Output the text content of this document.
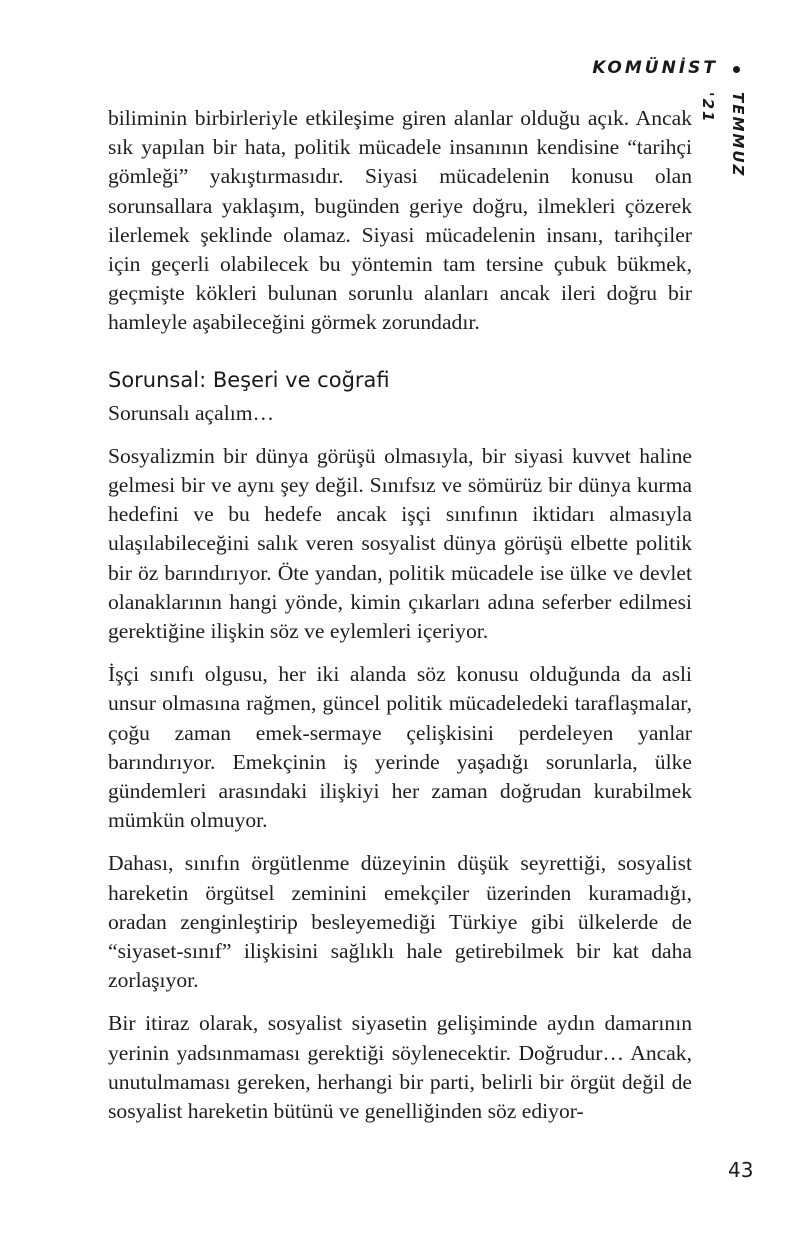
KOMÜNİST
TEMMUZ '21

biliminin birbirleriyle etkileşime giren alanlar olduğu açık. Ancak sık yapılan bir hata, politik mücadele insanının kendisine “tarihçi gömleği” yakıştırmasıdır. Siyasi mücadelenin konusu olan sorunsallara yaklaşım, bugünden geriye doğru, ilmekleri çözerek ilerlemek şeklinde olamaz. Siyasi mücadelenin insanı, tarihçiler için geçerli olabilecek bu yöntemin tam tersine çubuk bükmek, geçmişte kökleri bulunan sorunlu alanları ancak ileri doğru bir hamleyle aşabileceğini görmek zorundadır.

Sorunsal: Beşeri ve coğrafi

Sorunsalı açalım…

Sosyalizmin bir dünya görüşü olmasıyla, bir siyasi kuvvet haline gelmesi bir ve aynı şey değil. Sınıfsız ve sömürüz bir dünya kurma hedefini ve bu hedefe ancak işçi sınıfının iktidarı almasıyla ulaşılabileceğini salık veren sosyalist dünya görüşü elbette politik bir öz barındırıyor. Öte yandan, politik mücadele ise ülke ve devlet olanaklarının hangi yönde, kimin çıkarları adına seferber edilmesi gerektiğine ilişkin söz ve eylemleri içeriyor.

İşçi sınıfı olgusu, her iki alanda söz konusu olduğunda da asli unsur olmasına rağmen, güncel politik mücadeledeki taraflaşmalar, çoğu zaman emek-sermaye çelişkisini perdeleyen yanlar barındırıyor. Emekçinin iş yerinde yaşadığı sorunlarla, ülke gündemleri arasındaki ilişkiyi her zaman doğrudan kurabilmek mümkün olmuyor.

Dahası, sınıfın örgütlenme düzeyinin düşük seyrettiği, sosyalist hareketin örgütsel zeminini emekçiler üzerinden kuramadığı, oradan zenginleştirip besleyemediği Türkiye gibi ülkelerde de “siyaset-sınıf” ilişkisini sağlıklı hale getirebilmek bir kat daha zorlaşıyor.

Bir itiraz olarak, sosyalist siyasetin gelişiminde aydın damarının yerinin yadsınmaması gerektiği söylenecektir. Doğrudur… Ancak, unutulmaması gereken, herhangi bir parti, belirli bir örgüt değil de sosyalist hareketin bütünü ve genelliğinden söz ediyor-

43
